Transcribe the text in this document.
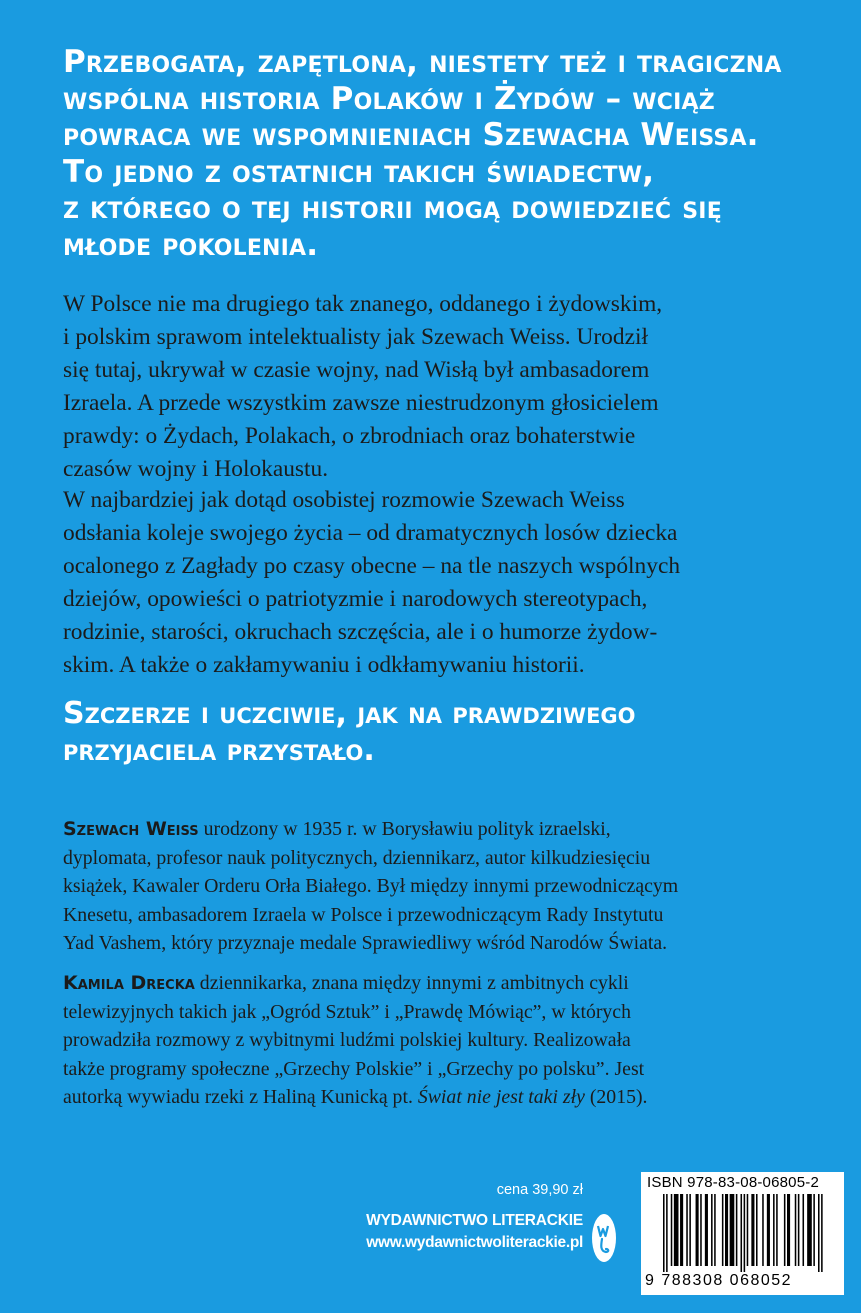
Przebogata, zapętlona, niestety też i tragiczna
wspólna historia Polaków i Żydów – wciąż
powraca we wspomnieniach Szewacha Weissa.
To jedno z ostatnich takich świadectw,
z którego o tej historii mogą dowiedzieć się
młode pokolenia.
W Polsce nie ma drugiego tak znanego, oddanego i żydowskim,
i polskim sprawom intelektualisty jak Szewach Weiss. Urodził
się tutaj, ukrywał w czasie wojny, nad Wisłą był ambasadorem
Izraela. A przede wszystkim zawsze niestrudzonym głosicielem
prawdy: o Żydach, Polakach, o zbrodniach oraz bohaterstwie
czasów wojny i Holokaustu.
W najbardziej jak dotąd osobistej rozmowie Szewach Weiss
odsłania koleje swojego życia – od dramatycznych losów dziecka
ocalonego z Zagłady po czasy obecne – na tle naszych wspólnych
dziejów, opowieści o patriotyzmie i narodowych stereotypach,
rodzinie, starości, okruchach szczęścia, ale i o humorze żydow-
skim. A także o zakłamywaniu i odkłamywaniu historii.
Szczerze i uczciwie, jak na prawdziwego
przyjaciela przystało.
Szewach Weiss urodzony w 1935 r. w Borysławiu polityk izraelski,
dyplomata, profesor nauk politycznych, dziennikarz, autor kilkudziesięciu
książek, Kawaler Orderu Orła Białego. Był między innymi przewodniczącym
Knesetu, ambasadorem Izraela w Polsce i przewodniczącym Rady Instytutu
Yad Vashem, który przyznaje medale Sprawiedliwy wśród Narodów Świata.
Kamila Drecka dziennikarka, znana między innymi z ambitnych cykli
telewizyjnych takich jak „Ogród Sztuk” i „Prawdę Mówiąc”, w których
prowadziła rozmowy z wybitnymi ludźmi polskiej kultury. Realizowała
także programy społeczne „Grzechy Polskie” i „Grzechy po polsku”. Jest
autorką wywiadu rzeki z Haliną Kunicką pt. Świat nie jest taki zły (2015).
cena 39,90 zł
WYDAWNICTWO LITERACKIE
www.wydawnictwoliterackie.pl
ISBN 978-83-08-06805-2
9 788308 068052
